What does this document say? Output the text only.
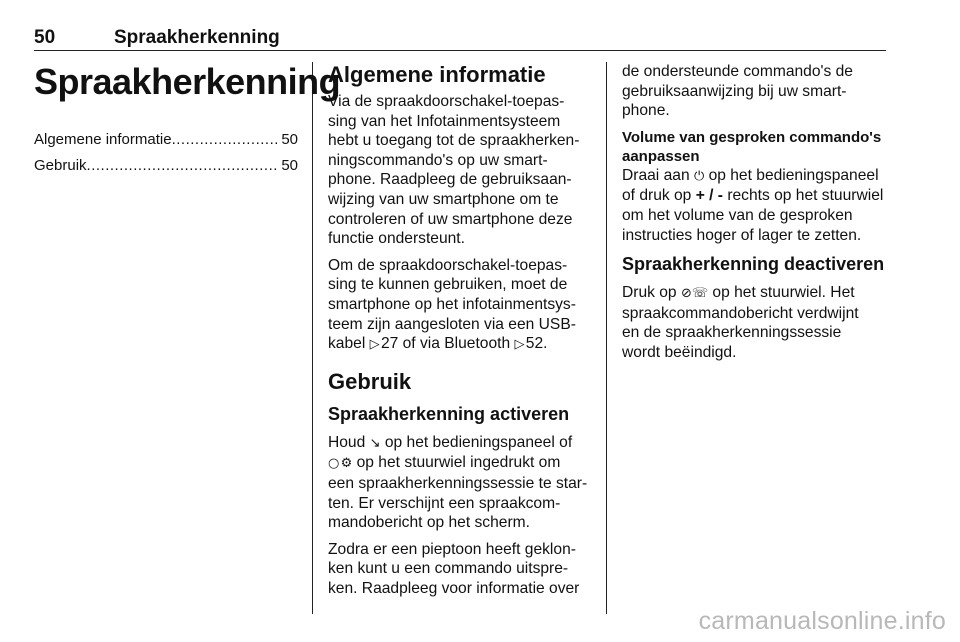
50	Spraakherkenning
Spraakherkenning
Algemene informatie .....	50
Gebruik .....	50
Algemene informatie

Via de spraakdoorschakel-toepas-
sing van het Infotainmentsysteem
hebt u toegang tot de spraakherken-
ningscommando's op uw smart-
phone. Raadpleeg de gebruiksaan-
wijzing van uw smartphone om te
controleren of uw smartphone deze
functie ondersteunt.

Om de spraakdoorschakel-toepas-
sing te kunnen gebruiken, moet de
smartphone op het infotainmentsys-
teem zijn aangesloten via een USB-
kabel ▷ 27 of via Bluetooth ▷ 52.

Gebruik
Spraakherkenning activeren

Houd ↘ op het bedieningspaneel of
○ ⚙ op het stuurwiel ingedrukt om
een spraakherkenningssessie te star-
ten. Er verschijnt een spraakcom-
mandobericht op het scherm.

Zodra er een pieptoon heeft geklon-
ken kunt u een commando uitspre-
ken. Raadpleeg voor informatie over

de ondersteunde commando's de
gebruiksaanwijzing bij uw smart-
phone.

Volume van gesproken commando's
aanpassen

Draai aan ⏻ op het bedieningspaneel
of druk op + / - rechts op het stuurwiel
om het volume van de gesproken
instructies hoger of lager te zetten.

Spraakherkenning deactiveren

Druk op ⊘☏ op het stuurwiel. Het
spraakcommandobericht verdwijnt
en de spraakherkenningssessie
wordt beëindigd.

carmanualsonline.info
